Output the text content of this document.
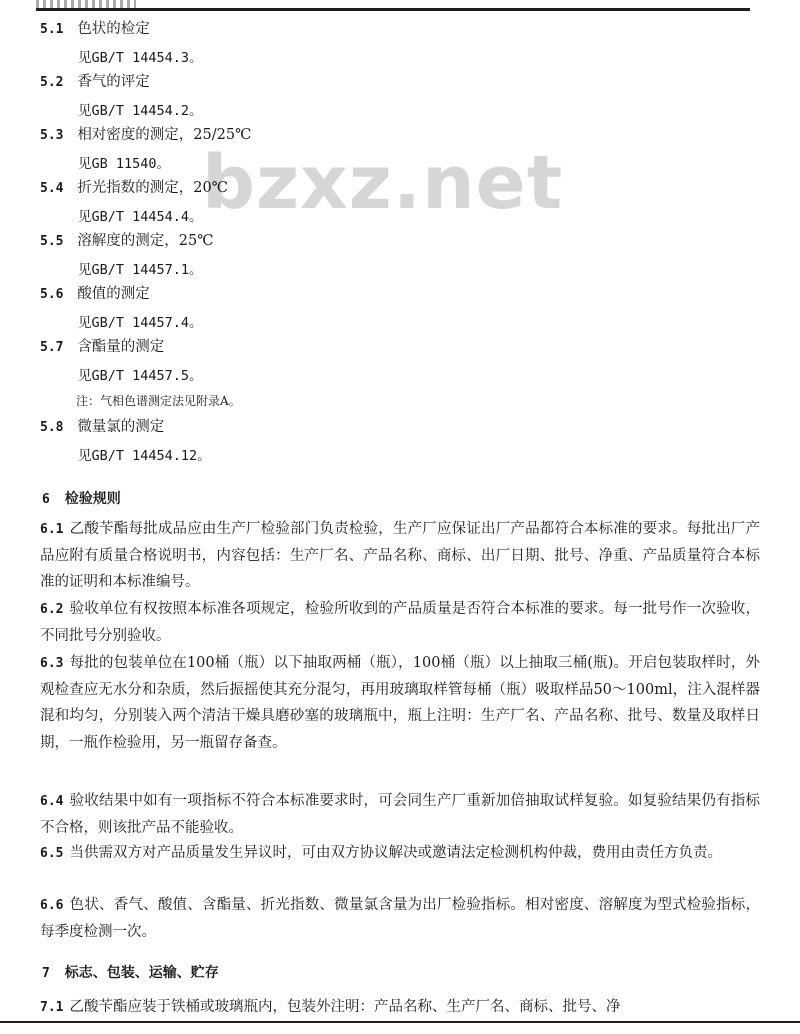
bzxz.net
5.1 色状的检定
见GB/T 14454.3。
5.2 香气的评定
见GB/T 14454.2。
5.3 相对密度的测定，25/25℃
见GB 11540。
5.4 折光指数的测定，20℃
见GB/T 14454.4。
5.5 溶解度的测定，25℃
见GB/T 14457.1。
5.6 酸值的测定
见GB/T 14457.4。
5.7 含酯量的测定
见GB/T 14457.5。
注：气相色谱测定法见附录A。
5.8 微量氯的测定
见GB/T 14454.12。
6 检验规则
6.1 乙酸苄酯每批成品应由生产厂检验部门负责检验，生产厂应保证出厂产品都符合本标准的要求。每批出厂产品应附有质量合格说明书，内容包括：生产厂名、产品名称、商标、出厂日期、批号、净重、产品质量符合本标准的证明和本标准编号。
6.2 验收单位有权按照本标准各项规定，检验所收到的产品质量是否符合本标准的要求。每一批号作一次验收，不同批号分别验收。
6.3 每批的包装单位在100桶（瓶）以下抽取两桶（瓶），100桶（瓶）以上抽取三桶(瓶)。开启包装取样时，外观检查应无水分和杂质，然后振摇使其充分混匀，再用玻璃取样管每桶（瓶）吸取样品50～100ml，注入混样器混和均匀，分别装入两个清洁干燥具磨砂塞的玻璃瓶中，瓶上注明：生产厂名、产品名称、批号、数量及取样日期，一瓶作检验用，另一瓶留存备查。
6.4 验收结果中如有一项指标不符合本标准要求时，可会同生产厂重新加倍抽取试样复验。如复验结果仍有指标不合格，则该批产品不能验收。
6.5 当供需双方对产品质量发生异议时，可由双方协议解决或邀请法定检测机构仲裁，费用由责任方负责。
6.6 色状、香气、酸值、含酯量、折光指数、微量氯含量为出厂检验指标。相对密度、溶解度为型式检验指标，每季度检测一次。
7 标志、包装、运输、贮存
7.1 乙酸苄酯应装于铁桶或玻璃瓶内，包装外注明：产品名称、生产厂名、商标、批号、净
